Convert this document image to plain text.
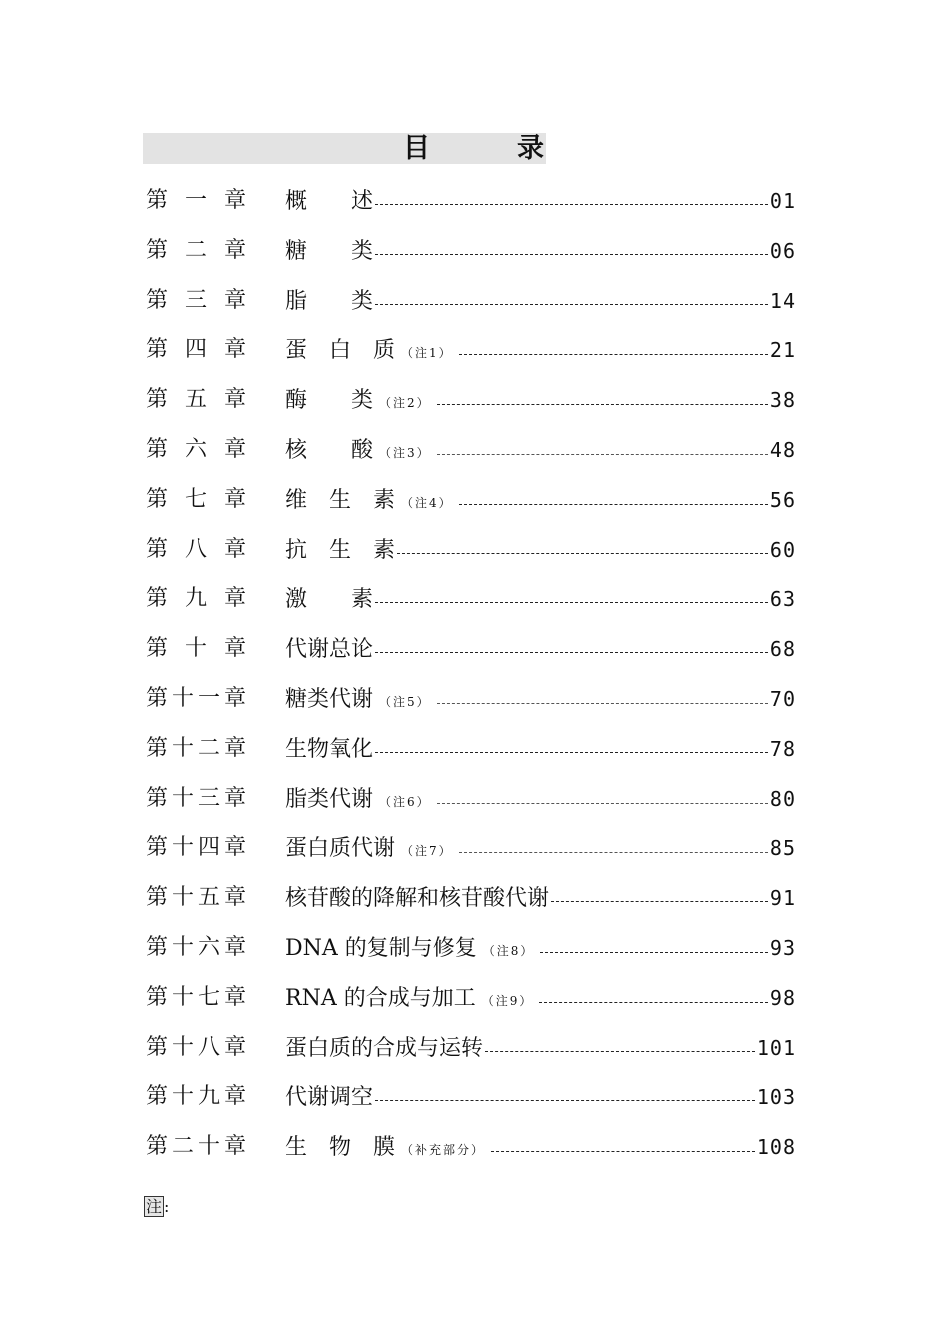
目	录
第 一 章 概 述	01
第 二 章 糖 类	06
第 三 章 脂 类	14
第 四 章 蛋 白 质 （注1）	21
第 五 章 酶 类 （注2）	38
第 六 章 核 酸 （注3）	48
第 七 章 维 生 素 （注4）	56
第 八 章 抗 生 素	60
第 九 章 激 素	63
第 十 章 代谢总论	68
第 十 一 章 糖类代谢 （注5）	70
第 十 二 章 生物氧化	78
第 十 三 章 脂类代谢 （注6）	80
第 十 四 章 蛋白质代谢 （注7）	85
第 十 五 章 核苷酸的降解和核苷酸代谢	91
第 十 六 章 DNA 的复制与修复 （注8）	93
第 十 七 章 RNA 的合成与加工 （注9）	98
第 十 八 章 蛋白质的合成与运转	101
第 十 九 章 代谢调空	103
第 二 十 章 生 物 膜 （补充部分）	108
注 :
